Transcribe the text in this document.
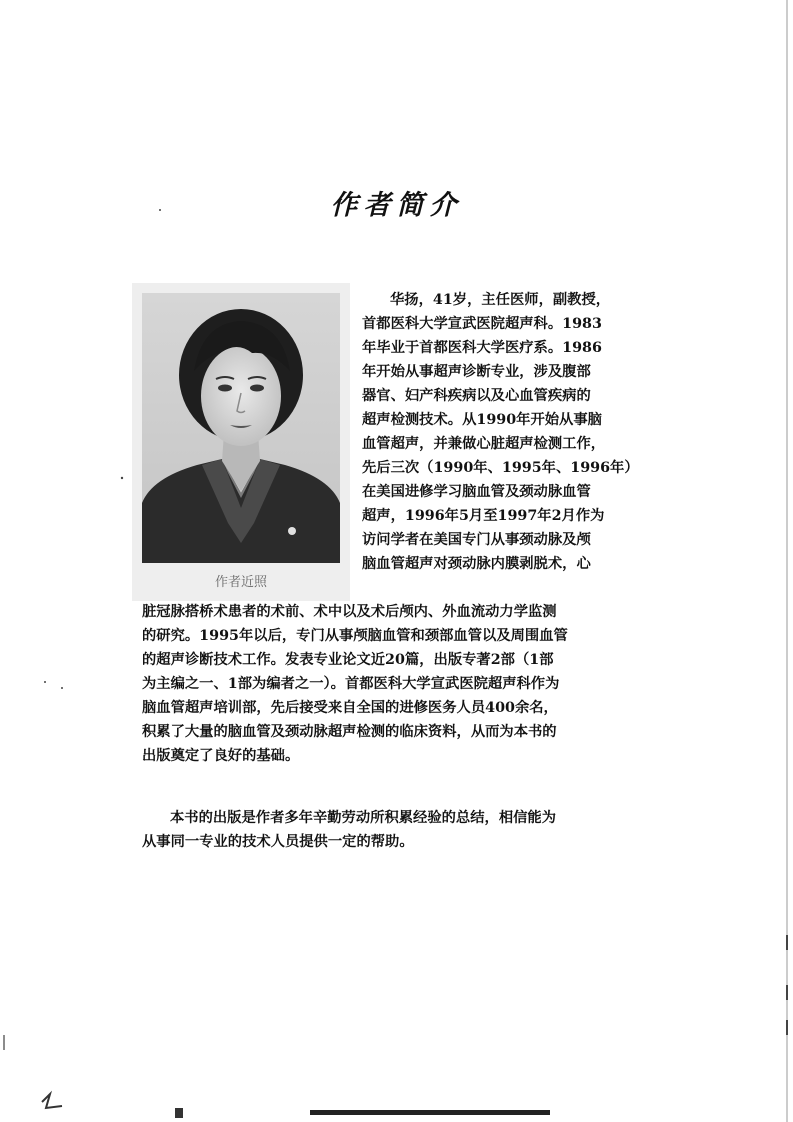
作者简介
作者近照
华扬，41岁，主任医师，副教授，
首都医科大学宣武医院超声科。1983
年毕业于首都医科大学医疗系。1986
年开始从事超声诊断专业，涉及腹部
器官、妇产科疾病以及心血管疾病的
超声检测技术。从1990年开始从事脑
血管超声，并兼做心脏超声检测工作，
先后三次（1990年、1995年、1996年）
在美国进修学习脑血管及颈动脉血管
超声，1996年5月至1997年2月作为
访问学者在美国专门从事颈动脉及颅
脑血管超声对颈动脉内膜剥脱术，心
脏冠脉搭桥术患者的术前、术中以及术后颅内、外血流动力学监测
的研究。1995年以后，专门从事颅脑血管和颈部血管以及周围血管
的超声诊断技术工作。发表专业论文近20篇，出版专著2部（1部
为主编之一、1部为编者之一）。首都医科大学宣武医院超声科作为
脑血管超声培训部，先后接受来自全国的进修医务人员400余名，
积累了大量的脑血管及颈动脉超声检测的临床资料，从而为本书的
出版奠定了良好的基础。
本书的出版是作者多年辛勤劳动所积累经验的总结，相信能为
从事同一专业的技术人员提供一定的帮助。
